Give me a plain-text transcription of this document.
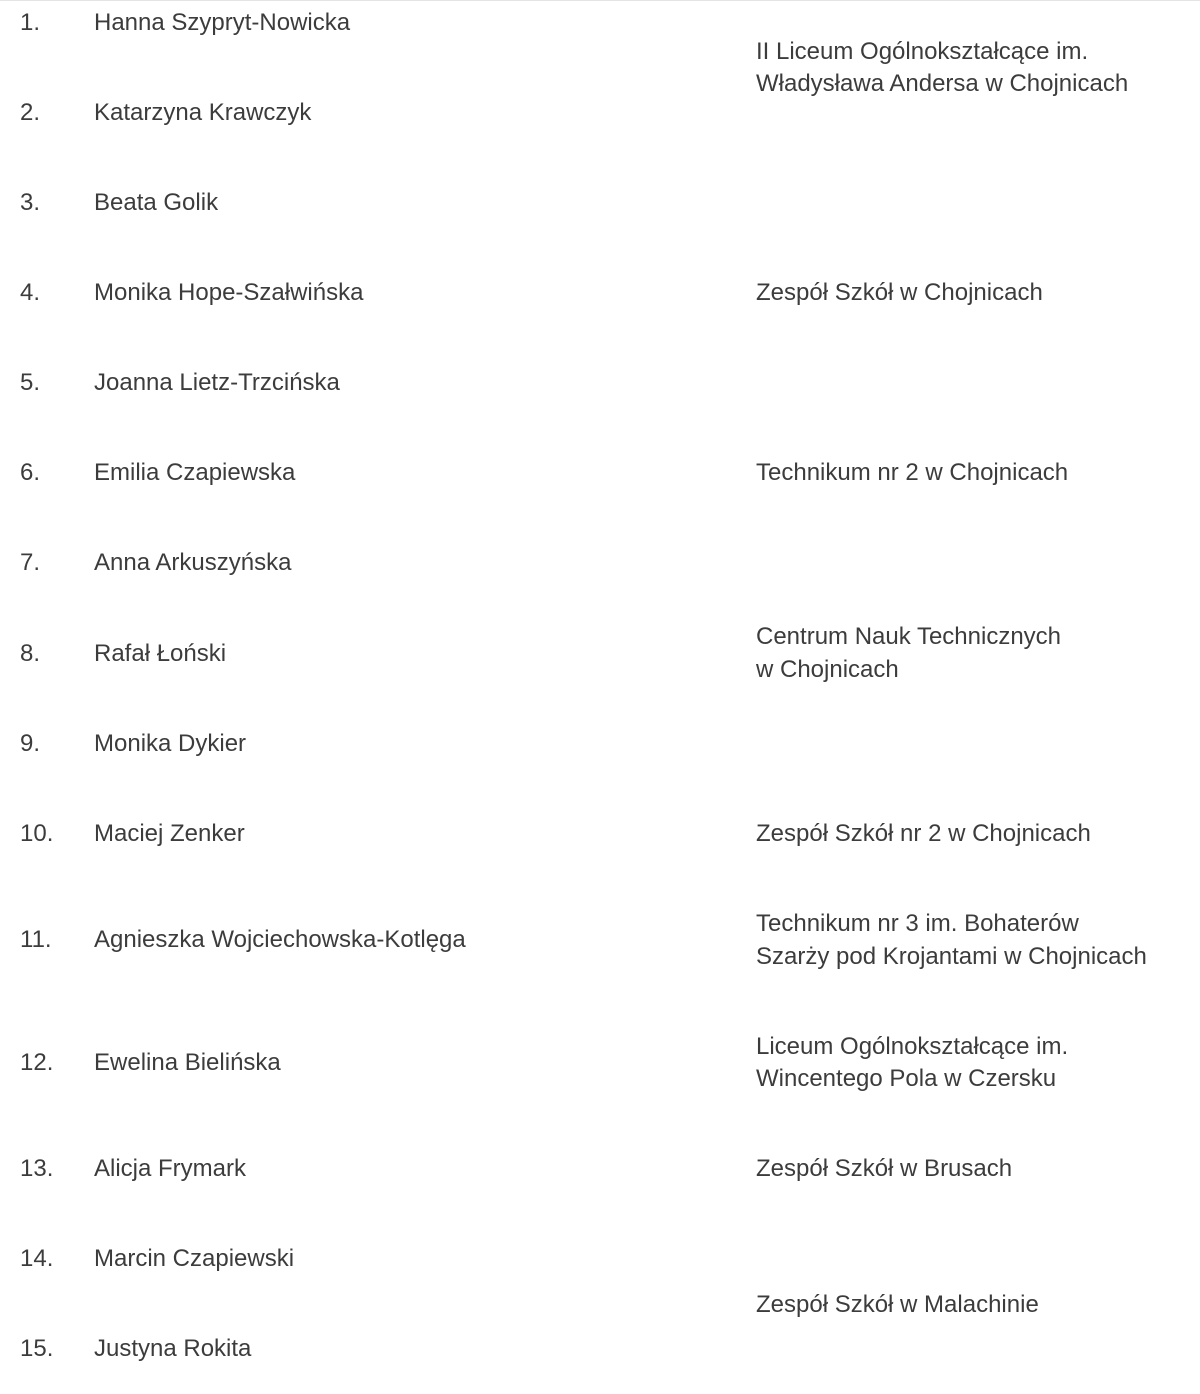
1.

2.

3.

4.

5.

6.

7.

8.

9.

10.

11.

12.

13.

14.

15.

Hanna Szypryt-Nowicka

Katarzyna Krawczyk

Beata Golik

Monika Hope-Szałwińska

Joanna Lietz-Trzcińska

Emilia Czapiewska

Anna Arkuszyńska

Rafał Łoński

Monika Dykier

Maciej Zenker

Agnieszka Wojciechowska-Kotlęga

Ewelina Bielińska

Alicja Frymark

Marcin Czapiewski

Justyna Rokita

II Liceum Ogólnokształcące im.

Władysława Andersa w Chojnicach

Zespół Szkół w Chojnicach

Technikum nr 2 w Chojnicach

Centrum Nauk Technicznych

w Chojnicach

Zespół Szkół nr 2 w Chojnicach

Technikum nr 3 im. Bohaterów

Szarży pod Krojantami w Chojnicach

Liceum Ogólnokształcące im.

Wincentego Pola w Czersku

Zespół Szkół w Brusach

Zespół Szkół w Malachinie
